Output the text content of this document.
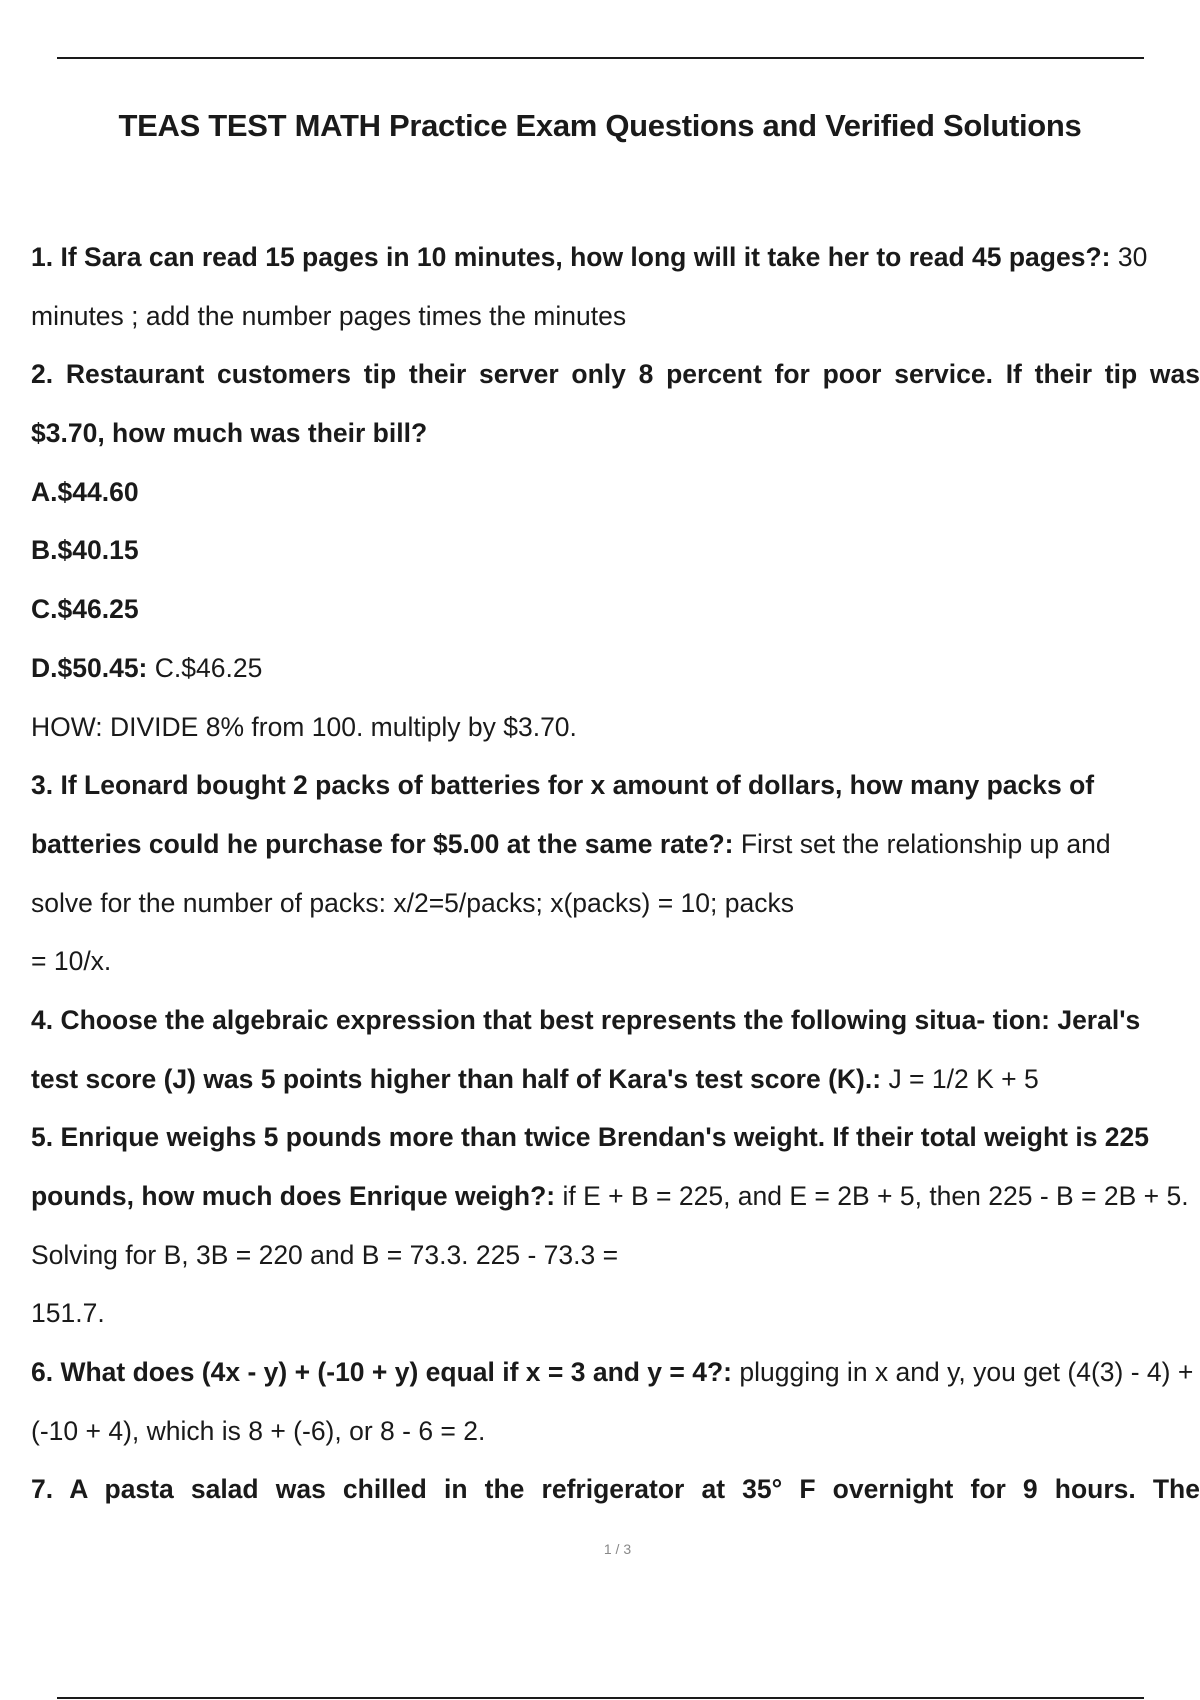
TEAS TEST MATH Practice Exam Questions and Verified Solutions
1. If Sara can read 15 pages in 10 minutes, how long will it take her to read 45 pages?: 30
minutes ; add the number pages times the minutes
2. Restaurant customers tip their server only 8 percent for poor service. If their tip was
$3.70, how much was their bill?
A.$44.60
B.$40.15
C.$46.25
D.$50.45: C.$46.25
HOW: DIVIDE 8% from 100. multiply by $3.70.
3. If Leonard bought 2 packs of batteries for x amount of dollars, how many packs of
batteries could he purchase for $5.00 at the same rate?: First set the relationship up and
solve for the number of packs: x/2=5/packs; x(packs) = 10; packs
= 10/x.
4. Choose the algebraic expression that best represents the following situa- tion: Jeral's
test score (J) was 5 points higher than half of Kara's test score (K).: J = 1/2 K + 5
5. Enrique weighs 5 pounds more than twice Brendan's weight. If their total weight is 225
pounds, how much does Enrique weigh?: if E + B = 225, and E = 2B + 5, then 225 - B = 2B + 5.
Solving for B, 3B = 220 and B = 73.3. 225 - 73.3 =
151.7.
6. What does (4x - y) + (-10 + y) equal if x = 3 and y = 4?: plugging in x and y, you get (4(3) - 4) +
(-10 + 4), which is 8 + (-6), or 8 - 6 = 2.
7. A pasta salad was chilled in the refrigerator at 35° F overnight for 9 hours. The
1 / 3
